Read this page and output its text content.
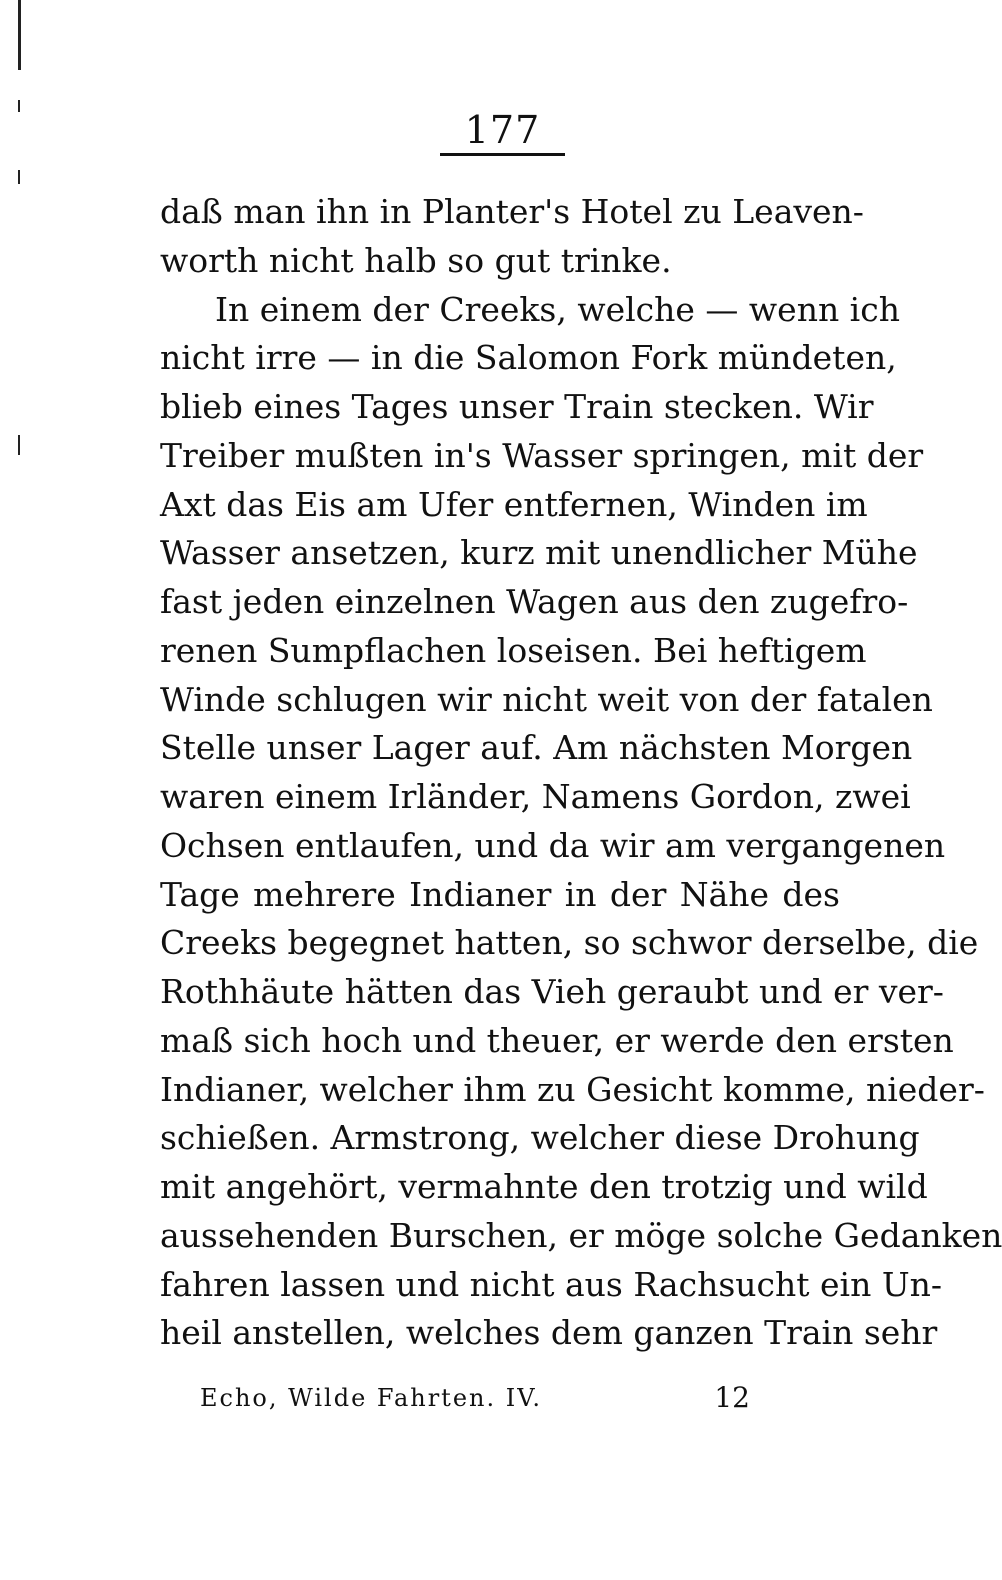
177
daß man ihn in Planter's Hotel zu Leaven-
worth nicht halb so gut trinke.
In einem der Creeks, welche — wenn ich
nicht irre — in die Salomon Fork mündeten,
blieb eines Tages unser Train stecken. Wir
Treiber mußten in's Wasser springen, mit der
Axt das Eis am Ufer entfernen, Winden im
Wasser ansetzen, kurz mit unendlicher Mühe
fast jeden einzelnen Wagen aus den zugefro-
renen Sumpflachen loseisen. Bei heftigem
Winde schlugen wir nicht weit von der fatalen
Stelle unser Lager auf. Am nächsten Morgen
waren einem Irländer, Namens Gordon, zwei
Ochsen entlaufen, und da wir am vergangenen
Tage mehrere Indianer in der Nähe des
Creeks begegnet hatten, so schwor derselbe, die
Rothhäute hätten das Vieh geraubt und er ver-
maß sich hoch und theuer, er werde den ersten
Indianer, welcher ihm zu Gesicht komme, nieder-
schießen. Armstrong, welcher diese Drohung
mit angehört, vermahnte den trotzig und wild
aussehenden Burschen, er möge solche Gedanken
fahren lassen und nicht aus Rachsucht ein Un-
heil anstellen, welches dem ganzen Train sehr
Echo, Wilde Fahrten. IV.	12
